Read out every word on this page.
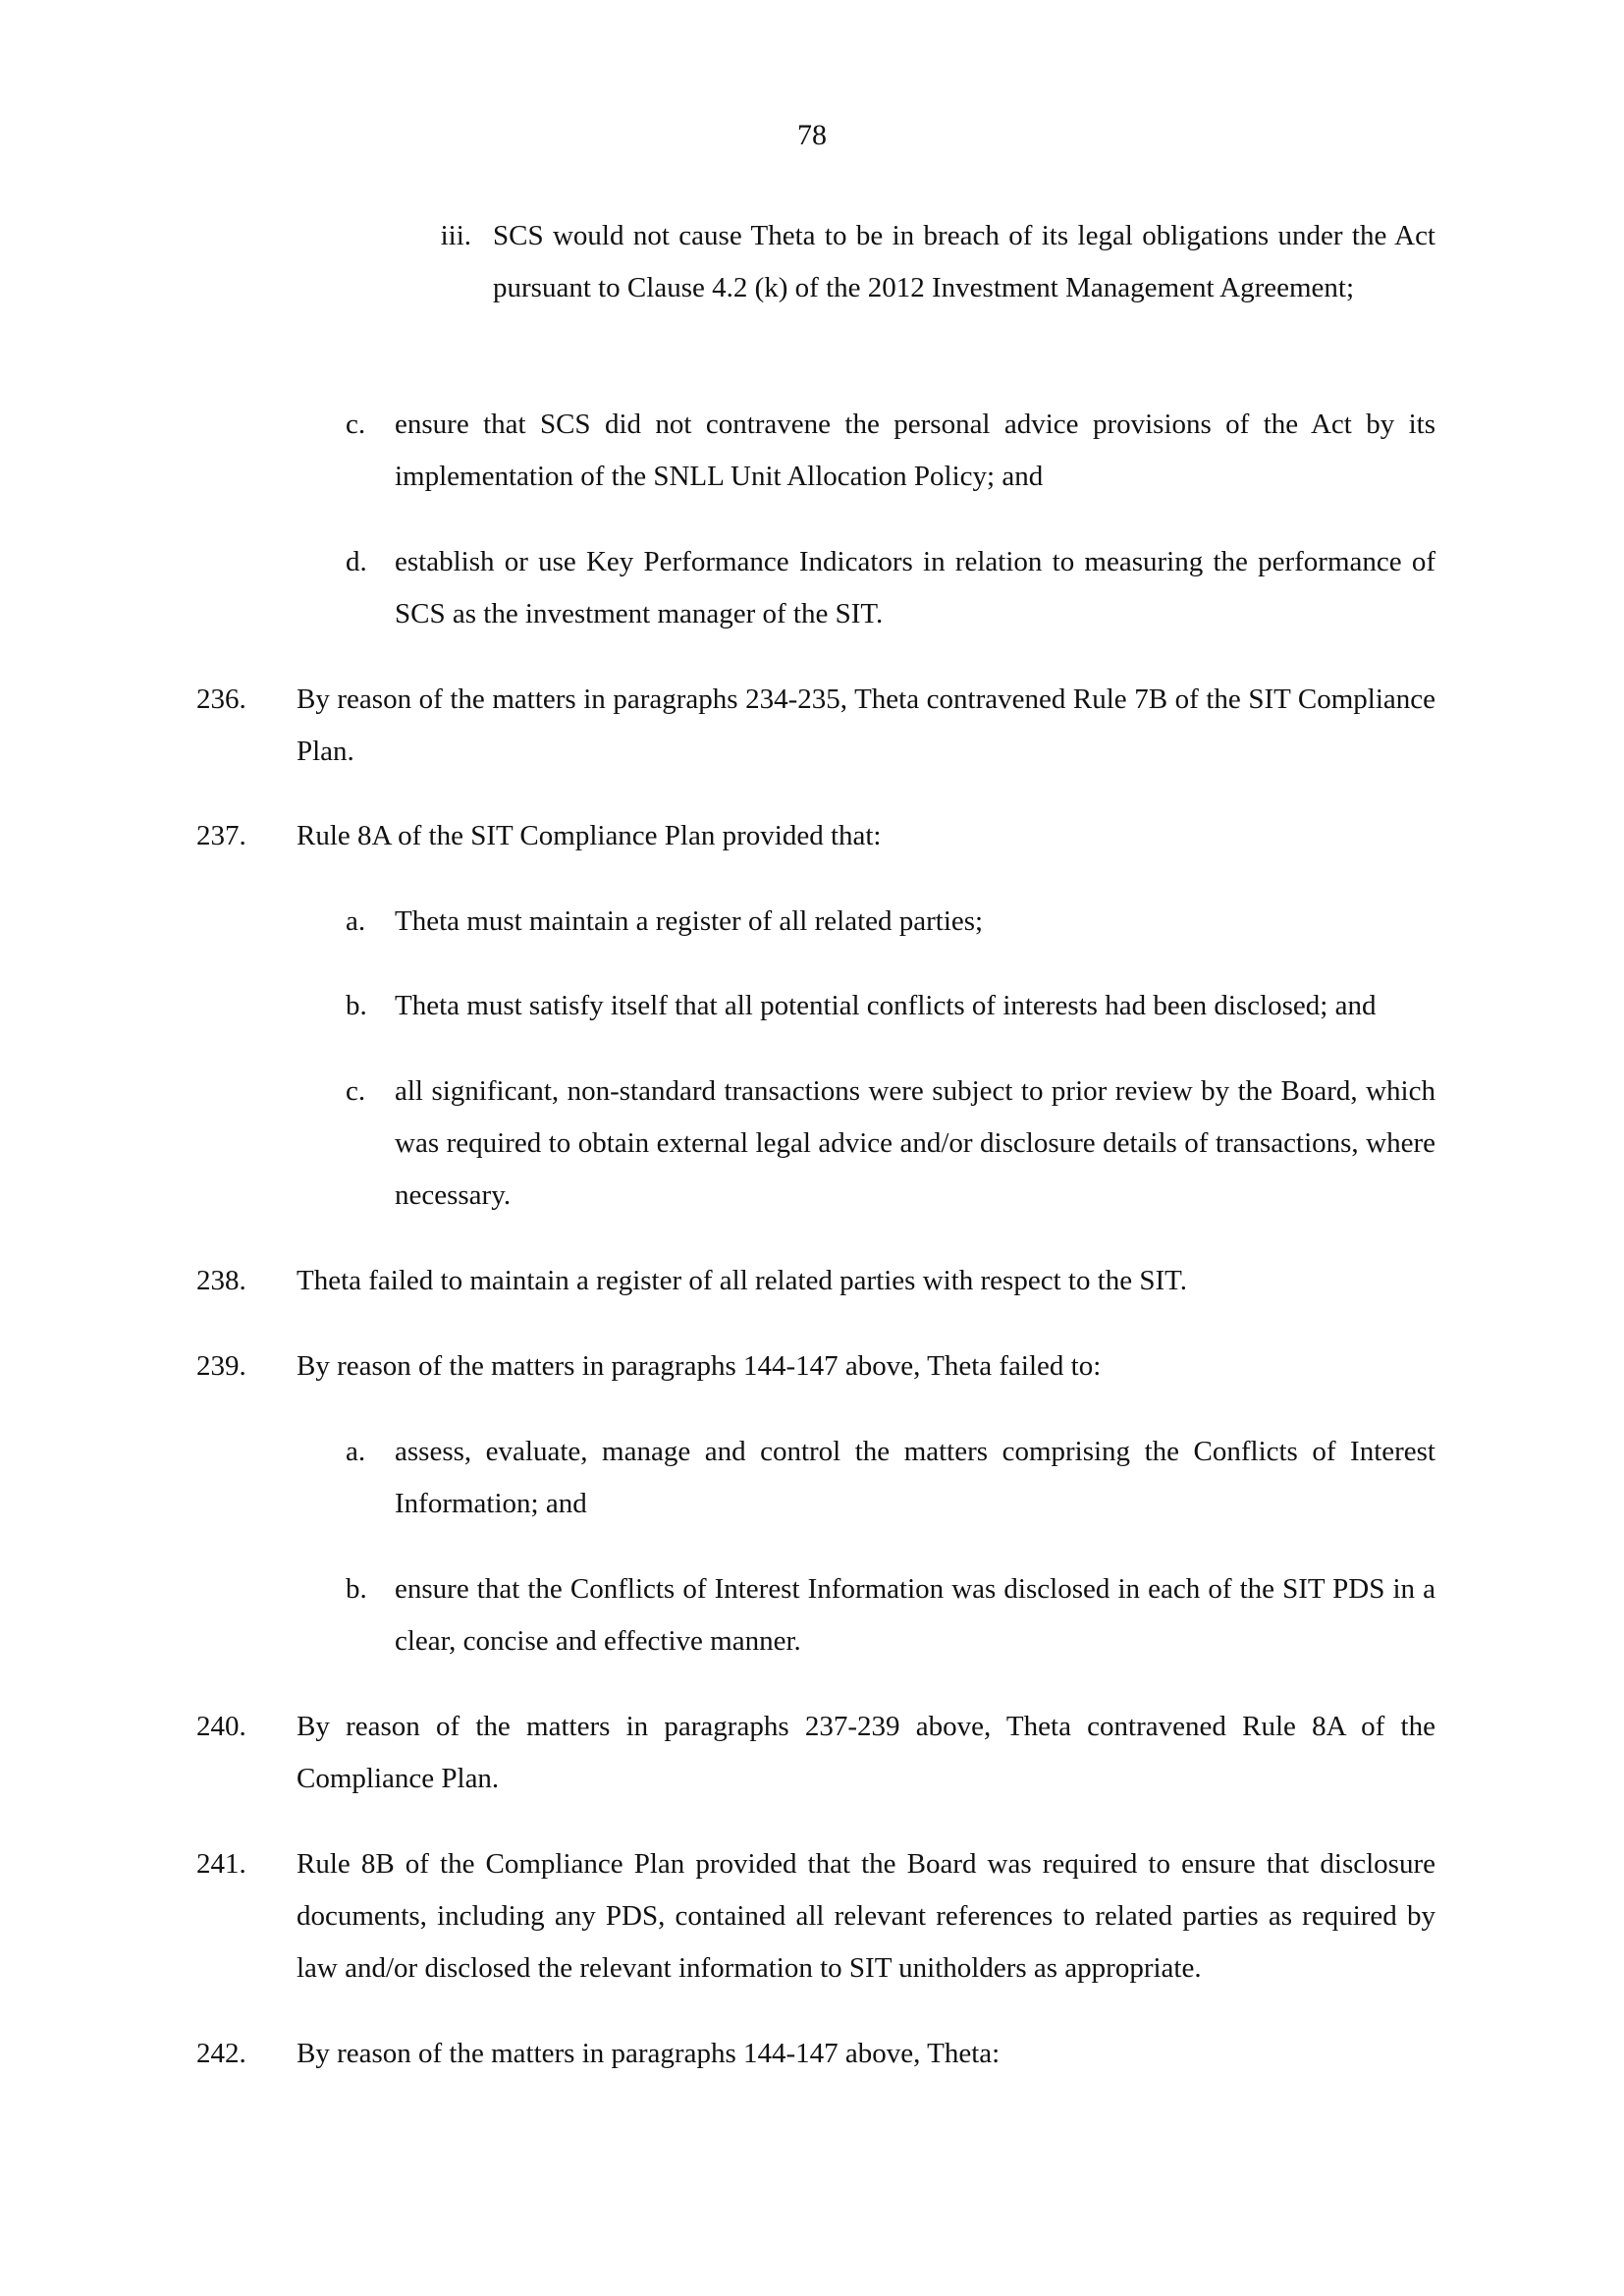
78
iii. SCS would not cause Theta to be in breach of its legal obligations under the Act pursuant to Clause 4.2 (k) of the 2012 Investment Management Agreement;
c. ensure that SCS did not contravene the personal advice provisions of the Act by its implementation of the SNLL Unit Allocation Policy; and
d. establish or use Key Performance Indicators in relation to measuring the performance of SCS as the investment manager of the SIT.
236. By reason of the matters in paragraphs 234-235, Theta contravened Rule 7B of the SIT Compliance Plan.
237. Rule 8A of the SIT Compliance Plan provided that:
a. Theta must maintain a register of all related parties;
b. Theta must satisfy itself that all potential conflicts of interests had been disclosed; and
c. all significant, non-standard transactions were subject to prior review by the Board, which was required to obtain external legal advice and/or disclosure details of transactions, where necessary.
238. Theta failed to maintain a register of all related parties with respect to the SIT.
239. By reason of the matters in paragraphs 144-147 above, Theta failed to:
a. assess, evaluate, manage and control the matters comprising the Conflicts of Interest Information; and
b. ensure that the Conflicts of Interest Information was disclosed in each of the SIT PDS in a clear, concise and effective manner.
240. By reason of the matters in paragraphs 237-239 above, Theta contravened Rule 8A of the Compliance Plan.
241. Rule 8B of the Compliance Plan provided that the Board was required to ensure that disclosure documents, including any PDS, contained all relevant references to related parties as required by law and/or disclosed the relevant information to SIT unitholders as appropriate.
242. By reason of the matters in paragraphs 144-147 above, Theta:
